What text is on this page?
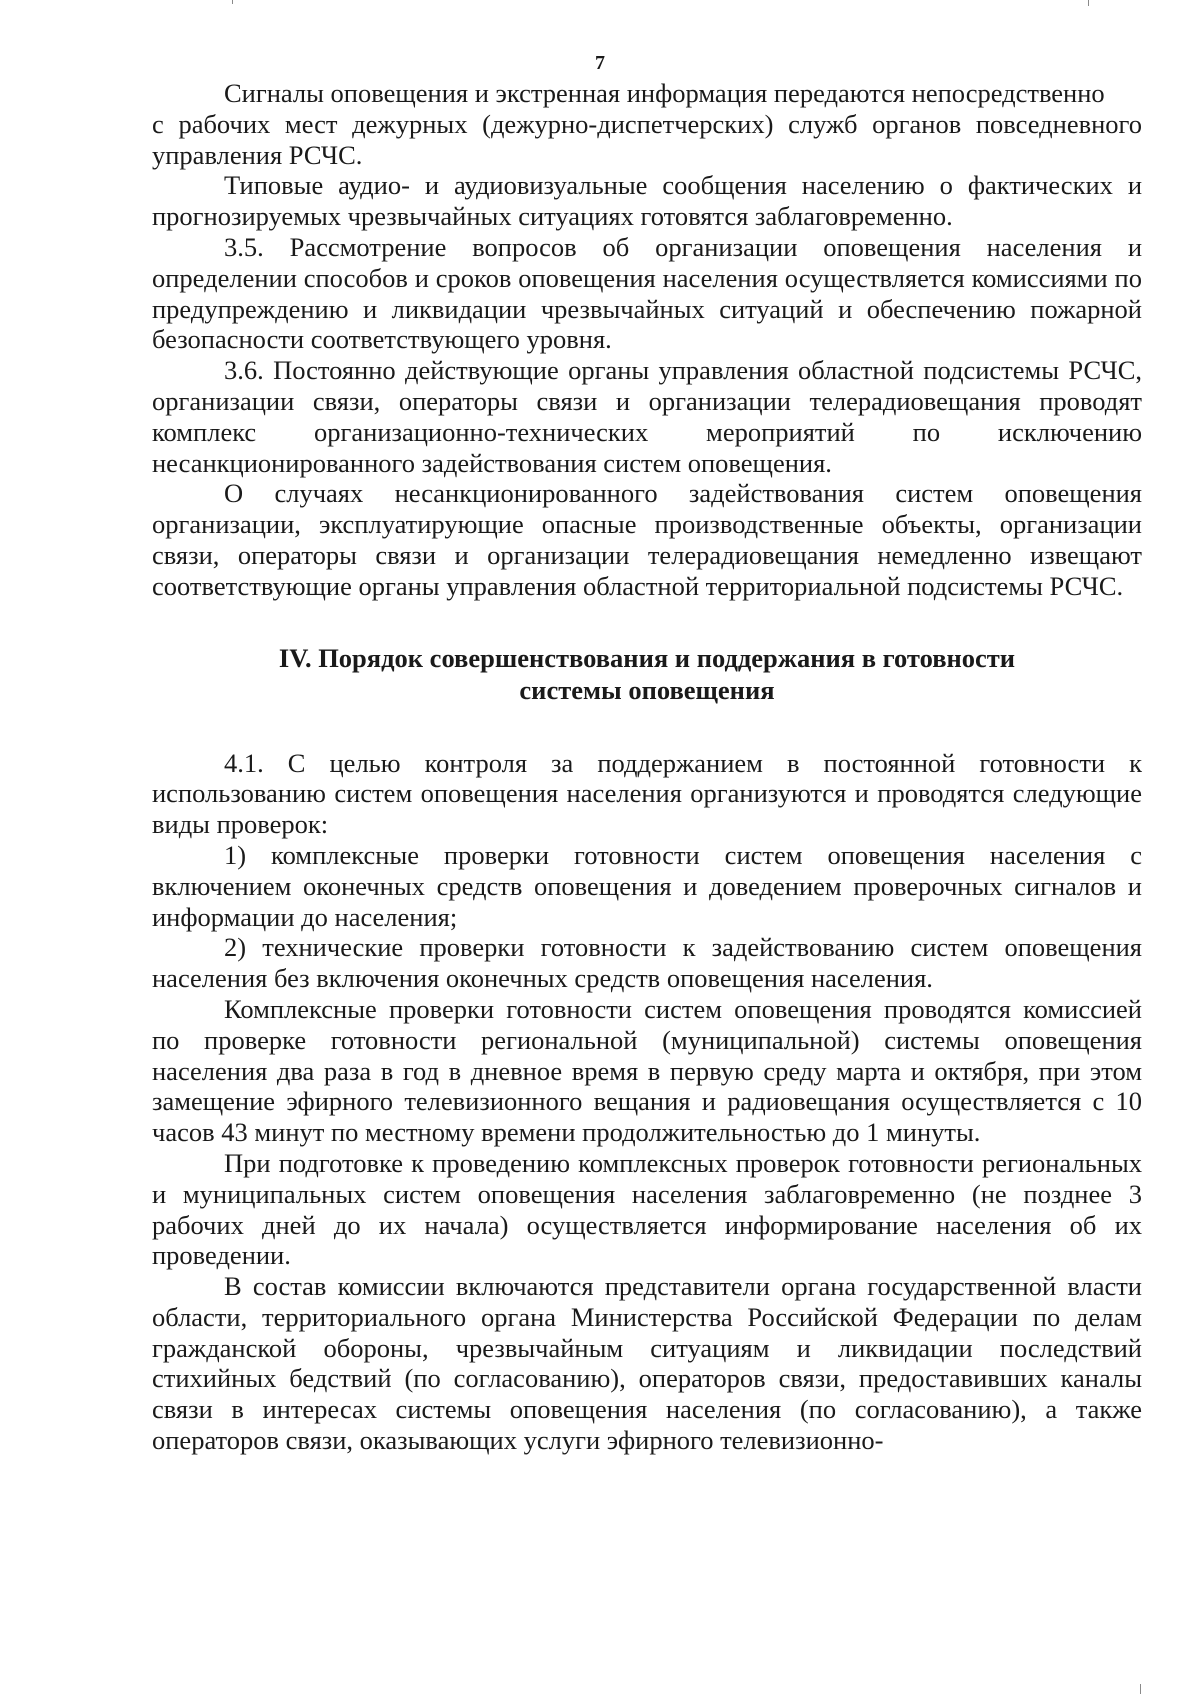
7

Сигналы оповещения и экстренная информация передаются непосредственно

с рабочих мест дежурных (дежурно-диспетчерских) служб органов повседневного управления РСЧС.

Типовые аудио- и аудиовизуальные сообщения населению о фактических и прогнозируемых чрезвычайных ситуациях готовятся заблаговременно.

3.5. Рассмотрение вопросов об организации оповещения населения и определении способов и сроков оповещения населения осуществляется комиссиями по предупреждению и ликвидации чрезвычайных ситуаций и обеспечению пожарной безопасности соответствующего уровня.

3.6. Постоянно действующие органы управления областной подсистемы РСЧС, организации связи, операторы связи и организации телерадиовещания проводят комплекс организационно-технических мероприятий по исключению несанкционированного задействования систем оповещения.

О случаях несанкционированного задействования систем оповещения организации, эксплуатирующие опасные производственные объекты, организации связи, операторы связи и организации телерадиовещания немедленно извещают соответствующие органы управления областной территориальной подсистемы РСЧС.

IV. Порядок совершенствования и поддержания в готовности
системы оповещения

4.1. С целью контроля за поддержанием в постоянной готовности к использованию систем оповещения населения организуются и проводятся следующие виды проверок:

1) комплексные проверки готовности систем оповещения населения с включением оконечных средств оповещения и доведением проверочных сигналов и информации до населения;

2) технические проверки готовности к задействованию систем оповещения населения без включения оконечных средств оповещения населения.

Комплексные проверки готовности систем оповещения проводятся комиссией по проверке готовности региональной (муниципальной) системы оповещения населения два раза в год в дневное время в первую среду марта и октября, при этом замещение эфирного телевизионного вещания и радиовещания осуществляется с 10 часов 43 минут по местному времени продолжительностью до 1 минуты.

При подготовке к проведению комплексных проверок готовности региональных и муниципальных систем оповещения населения заблаговременно (не позднее 3 рабочих дней до их начала) осуществляется информирование населения об их проведении.

В состав комиссии включаются представители органа государственной власти области, территориального органа Министерства Российской Федерации по делам гражданской обороны, чрезвычайным ситуациям и ликвидации последствий стихийных бедствий (по согласованию), операторов связи, предоставивших каналы связи в интересах системы оповещения населения (по согласованию), а также операторов связи, оказывающих услуги эфирного телевизионно-
